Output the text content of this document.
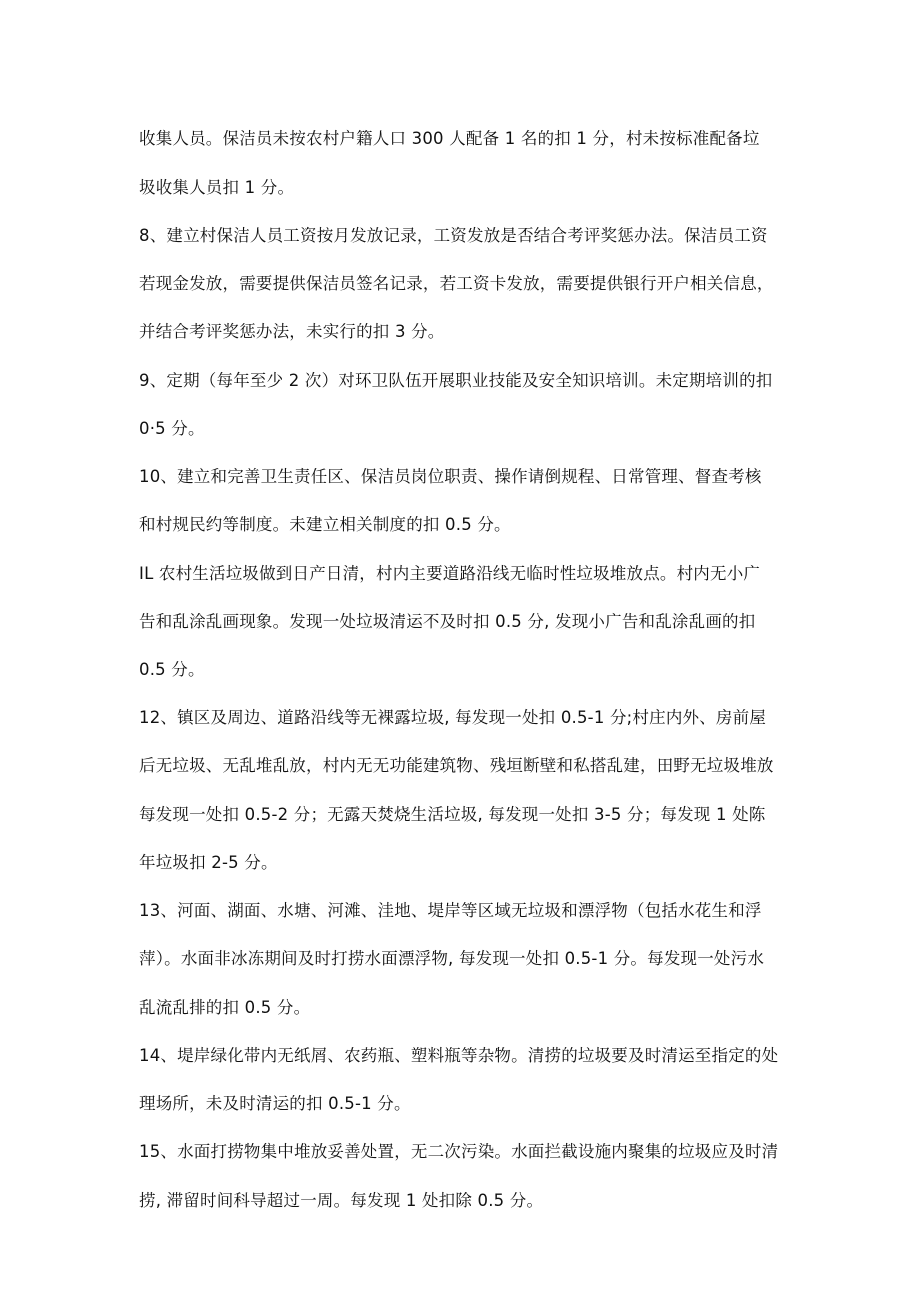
收集人员。保洁员未按农村户籍人口 300 人配备 1 名的扣 1 分，村未按标准配备垃
圾收集人员扣 1 分。
8、建立村保洁人员工资按月发放记录，工资发放是否结合考评奖惩办法。保洁员工资
若现金发放，需要提供保洁员签名记录，若工资卡发放，需要提供银行开户相关信息，
并结合考评奖惩办法，未实行的扣 3 分。
9、定期（每年至少 2 次）对环卫队伍开展职业技能及安全知识培训。未定期培训的扣
0·5 分。
10、建立和完善卫生责任区、保洁员岗位职责、操作请倒规程、日常管理、督查考核
和村规民约等制度。未建立相关制度的扣 0.5 分。
IL 农村生活垃圾做到日产日清，村内主要道路沿线无临时性垃圾堆放点。村内无小广
告和乱涂乱画现象。发现一处垃圾清运不及时扣 0.5 分, 发现小广告和乱涂乱画的扣
0.5 分。
12、镇区及周边、道路沿线等无裸露垃圾, 每发现一处扣 0.5-1 分;村庄内外、房前屋
后无垃圾、无乱堆乱放，村内无无功能建筑物、残垣断壁和私搭乱建，田野无垃圾堆放
每发现一处扣 0.5-2 分；无露天焚烧生活垃圾, 每发现一处扣 3-5 分；每发现 1 处陈
年垃圾扣 2-5 分。
13、河面、湖面、水塘、河滩、洼地、堤岸等区域无垃圾和漂浮物（包括水花生和浮
萍）。水面非冰冻期间及时打捞水面漂浮物, 每发现一处扣 0.5-1 分。每发现一处污水
乱流乱排的扣 0.5 分。
14、堤岸绿化带内无纸屑、农药瓶、塑料瓶等杂物。清捞的垃圾要及时清运至指定的处
理场所，未及时清运的扣 0.5-1 分。
15、水面打捞物集中堆放妥善处置，无二次污染。水面拦截设施内聚集的垃圾应及时清
捞, 滞留时间科导超过一周。每发现 1 处扣除 0.5 分。
